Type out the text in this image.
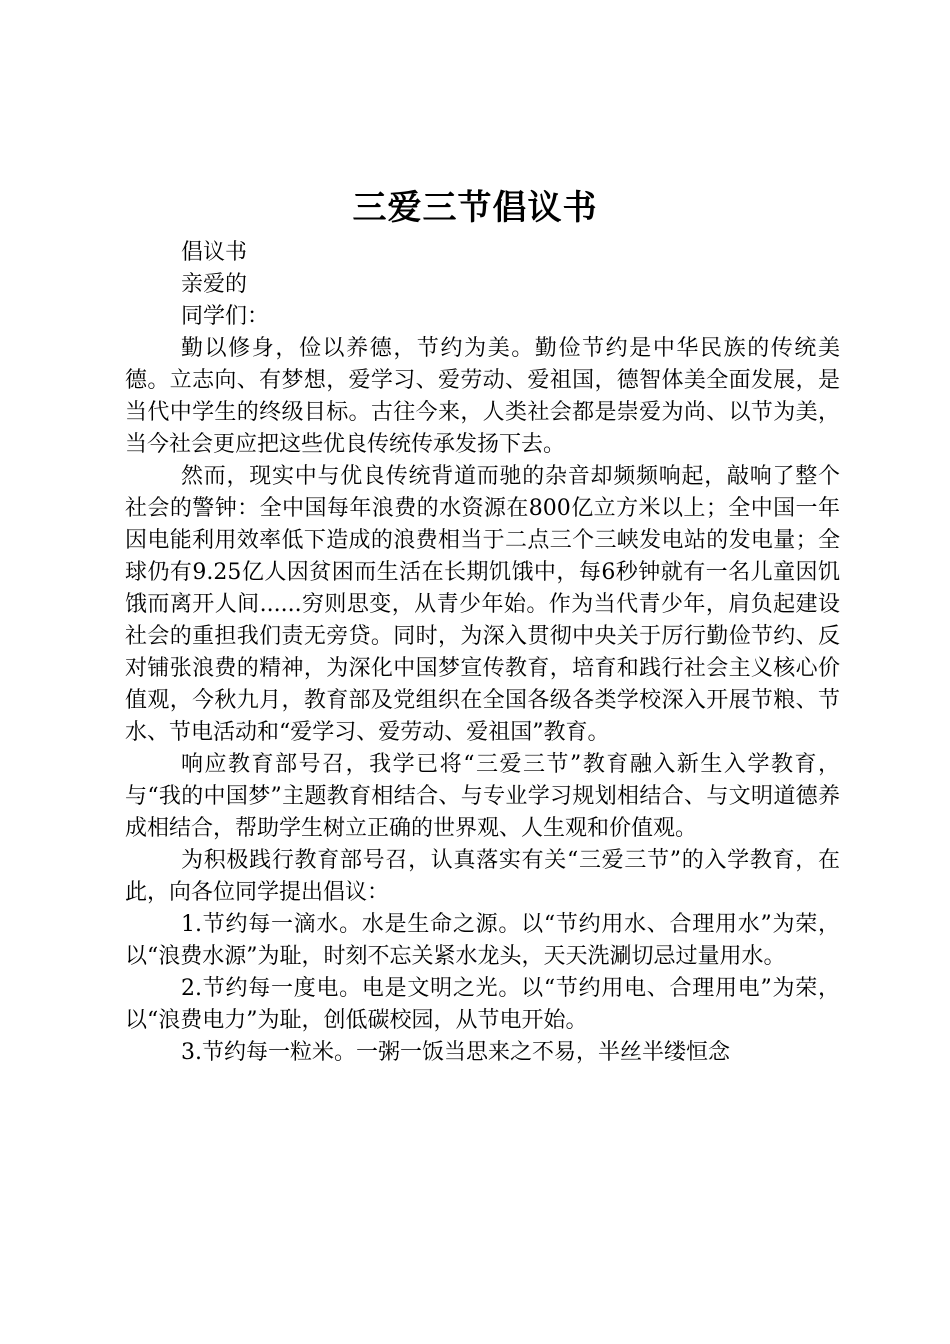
三爱三节倡议书

倡议书

亲爱的

同学们：

勤以修身，俭以养德，节约为美。勤俭节约是中华民族的传统美德。立志向、有梦想，爱学习、爱劳动、爱祖国，德智体美全面发展，是当代中学生的终级目标。古往今来，人类社会都是崇爱为尚、以节为美，当今社会更应把这些优良传统传承发扬下去。

然而，现实中与优良传统背道而驰的杂音却频频响起，敲响了整个社会的警钟：全中国每年浪费的水资源在800亿立方米以上；全中国一年因电能利用效率低下造成的浪费相当于二点三个三峡发电站的发电量；全球仍有9.25亿人因贫困而生活在长期饥饿中，每6秒钟就有一名儿童因饥饿而离开人间......穷则思变，从青少年始。作为当代青少年，肩负起建设社会的重担我们责无旁贷。同时，为深入贯彻中央关于厉行勤俭节约、反对铺张浪费的精神，为深化中国梦宣传教育，培育和践行社会主义核心价值观，今秋九月，教育部及党组织在全国各级各类学校深入开展节粮、节水、节电活动和“爱学习、爱劳动、爱祖国”教育。

响应教育部号召，我学已将“三爱三节”教育融入新生入学教育，与“我的中国梦”主题教育相结合、与专业学习规划相结合、与文明道德养成相结合，帮助学生树立正确的世界观、人生观和价值观。

为积极践行教育部号召，认真落实有关“三爱三节”的入学教育，在此，向各位同学提出倡议：

1.节约每一滴水。水是生命之源。以“节约用水、合理用水”为荣，以“浪费水源”为耻，时刻不忘关紧水龙头，天天洗涮切忌过量用水。

2.节约每一度电。电是文明之光。以“节约用电、合理用电”为荣，以“浪费电力”为耻，创低碳校园，从节电开始。

3.节约每一粒米。一粥一饭当思来之不易，半丝半缕恒念
